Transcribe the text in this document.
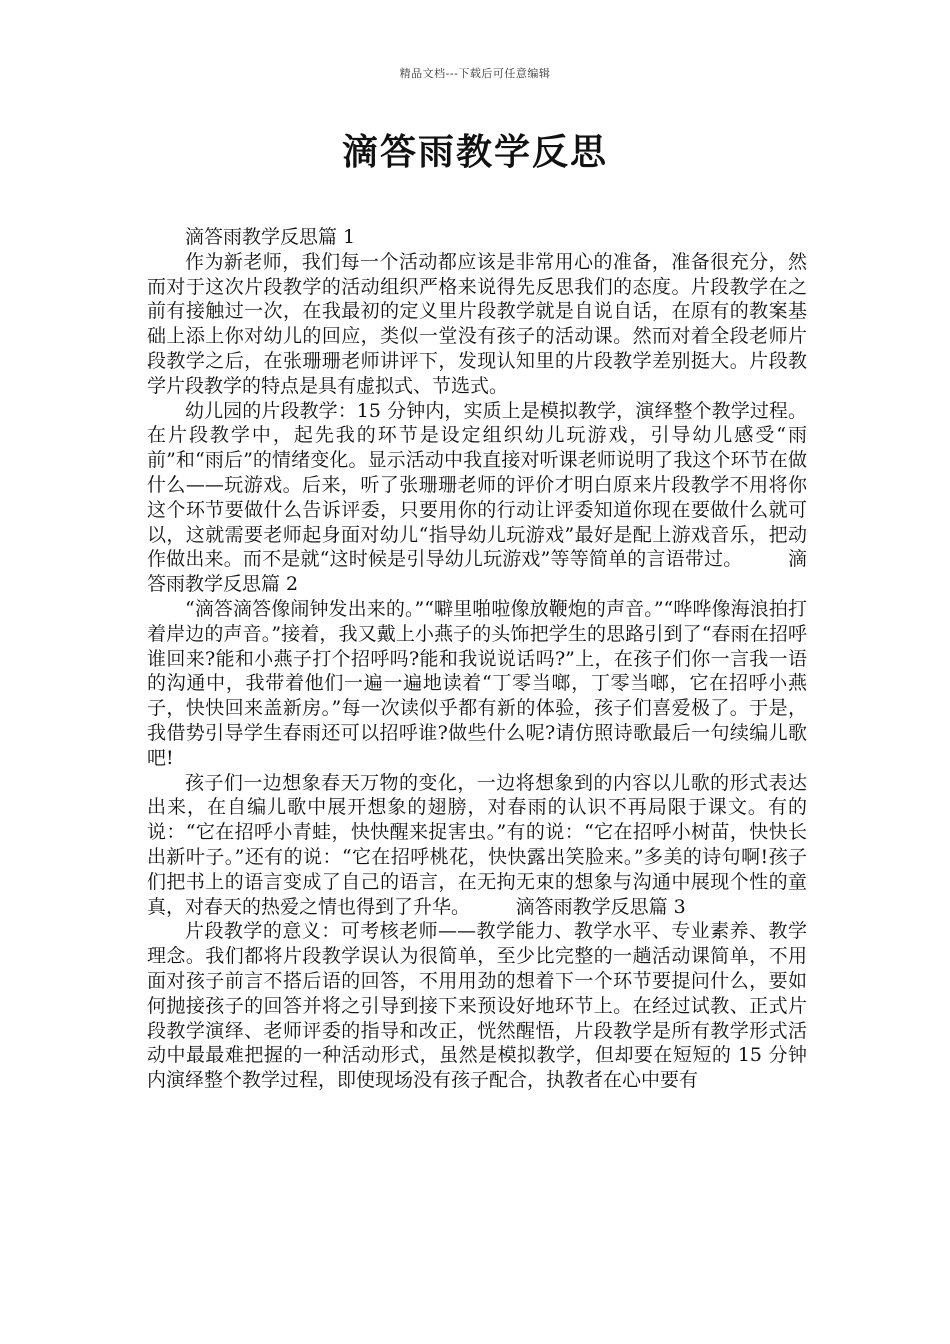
精品文档---下载后可任意编辑
滴答雨教学反思

滴答雨教学反思篇 1

作为新老师，我们每一个活动都应该是非常用心的准备，准备很充分，然而对于这次片段教学的活动组织严格来说得先反思我们的态度。片段教学在之前有接触过一次，在我最初的定义里片段教学就是自说自话，在原有的教案基础上添上你对幼儿的回应，类似一堂没有孩子的活动课。然而对着全段老师片段教学之后，在张珊珊老师讲评下，发现认知里的片段教学差别挺大。片段教学片段教学的特点是具有虚拟式、节选式。

幼儿园的片段教学：15 分钟内，实质上是模拟教学，演绎整个教学过程。在片段教学中，起先我的环节是设定组织幼儿玩游戏，引导幼儿感受“雨前”和“雨后”的情绪变化。显示活动中我直接对听课老师说明了我这个环节在做什么——玩游戏。后来，听了张珊珊老师的评价才明白原来片段教学不用将你这个环节要做什么告诉评委，只要用你的行动让评委知道你现在要做什么就可以，这就需要老师起身面对幼儿“指导幼儿玩游戏”最好是配上游戏音乐，把动作做出来。而不是就“这时候是引导幼儿玩游戏”等等简单的言语带过。 滴答雨教学反思篇 2

“滴答滴答像闹钟发出来的。”“噼里啪啦像放鞭炮的声音。”“哗哗像海浪拍打着岸边的声音。”接着，我又戴上小燕子的头饰把学生的思路引到了“春雨在招呼谁回来?能和小燕子打个招呼吗?能和我说说话吗?”上，在孩子们你一言我一语的沟通中，我带着他们一遍一遍地读着“丁零当啷，丁零当啷，它在招呼小燕子，快快回来盖新房。”每一次读似乎都有新的体验，孩子们喜爱极了。于是，我借势引导学生春雨还可以招呼谁?做些什么呢?请仿照诗歌最后一句续编儿歌吧!

孩子们一边想象春天万物的变化，一边将想象到的内容以儿歌的形式表达出来，在自编儿歌中展开想象的翅膀，对春雨的认识不再局限于课文。有的说：“它在招呼小青蛙，快快醒来捉害虫。”有的说：“它在招呼小树苗，快快长出新叶子。”还有的说：“它在招呼桃花，快快露出笑脸来。”多美的诗句啊!孩子们把书上的语言变成了自己的语言，在无拘无束的想象与沟通中展现个性的童真，对春天的热爱之情也得到了升华。 滴答雨教学反思篇 3

片段教学的意义：可考核老师——教学能力、教学水平、专业素养、教学理念。我们都将片段教学误认为很简单，至少比完整的一趟活动课简单，不用面对孩子前言不搭后语的回答，不用用劲的想着下一个环节要提问什么，要如何抛接孩子的回答并将之引导到接下来预设好地环节上。在经过试教、正式片段教学演绎、老师评委的指导和改正，恍然醒悟，片段教学是所有教学形式活动中最最难把握的一种活动形式，虽然是模拟教学，但却要在短短的 15 分钟内演绎整个教学过程，即使现场没有孩子配合，执教者在心中要有
